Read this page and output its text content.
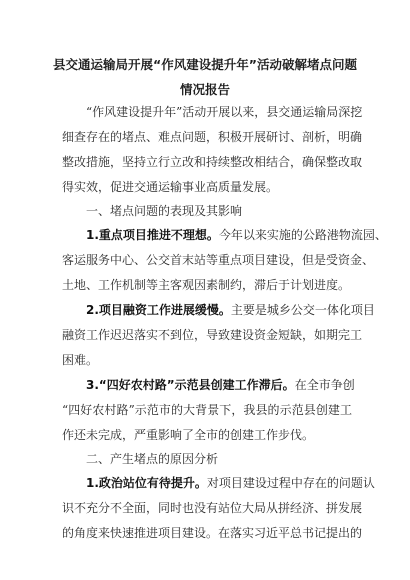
县交通运输局开展“作风建设提升年”活动破解堵点问题
情况报告
“作风建设提升年”活动开展以来，县交通运输局深挖
细查存在的堵点、难点问题，积极开展研讨、剖析，明确
整改措施，坚持立行立改和持续整改相结合，确保整改取
得实效，促进交通运输事业高质量发展。
一、堵点问题的表现及其影响
1.重点项目推进不理想。今年以来实施的公路港物流园、
客运服务中心、公交首末站等重点项目建设，但是受资金、
土地、工作机制等主客观因素制约，滞后于计划进度。
2.项目融资工作进展缓慢。主要是城乡公交一体化项目
融资工作迟迟落实不到位，导致建设资金短缺，如期完工
困难。
3.“四好农村路”示范县创建工作滞后。在全市争创
“四好农村路”示范市的大背景下，我县的示范县创建工
作还未完成，严重影响了全市的创建工作步伐。
二、产生堵点的原因分析
1.政治站位有待提升。对项目建设过程中存在的问题认
识不充分不全面，同时也没有站位大局从拼经济、拼发展
的角度来快速推进项目建设。在落实习近平总书记提出的
